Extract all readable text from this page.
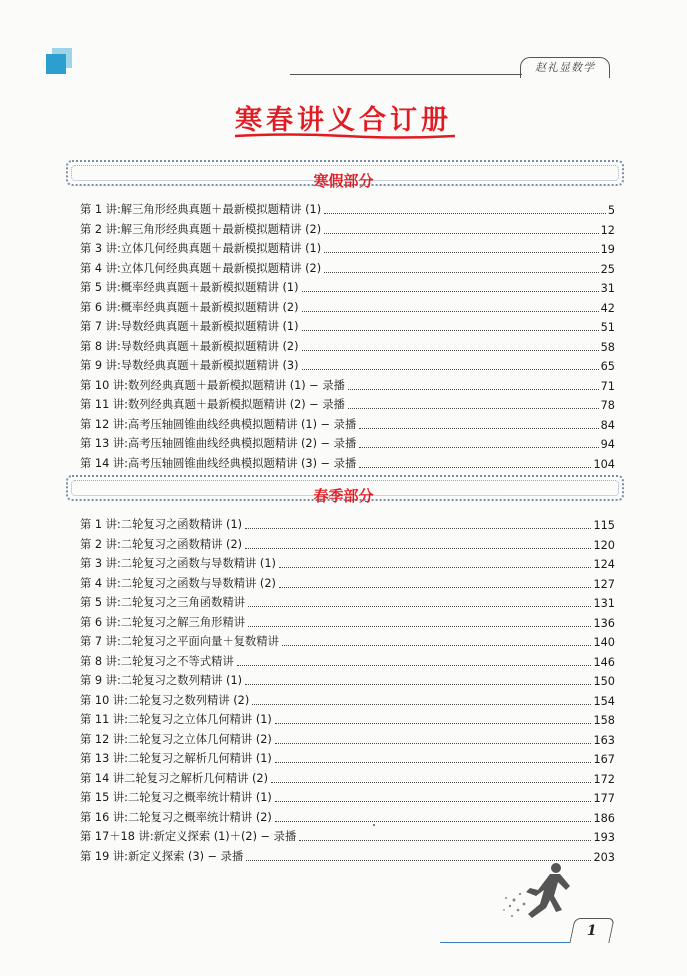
赵礼显数学
寒春讲义合订册
寒假部分
第 1 讲:解三角形经典真题＋最新模拟题精讲 (1)	5
第 2 讲:解三角形经典真题＋最新模拟题精讲 (2)	12
第 3 讲:立体几何经典真题＋最新模拟题精讲 (1)	19
第 4 讲:立体几何经典真题＋最新模拟题精讲 (2)	25
第 5 讲:概率经典真题＋最新模拟题精讲 (1)	31
第 6 讲:概率经典真题＋最新模拟题精讲 (2)	42
第 7 讲:导数经典真题＋最新模拟题精讲 (1)	51
第 8 讲:导数经典真题＋最新模拟题精讲 (2)	58
第 9 讲:导数经典真题＋最新模拟题精讲 (3)	65
第 10 讲:数列经典真题＋最新模拟题精讲 (1) − 录播	71
第 11 讲:数列经典真题＋最新模拟题精讲 (2) − 录播	78
第 12 讲:高考压轴圆锥曲线经典模拟题精讲 (1) − 录播	84
第 13 讲:高考压轴圆锥曲线经典模拟题精讲 (2) − 录播	94
第 14 讲:高考压轴圆锥曲线经典模拟题精讲 (3) − 录播	104
春季部分
第 1 讲:二轮复习之函数精讲 (1)	115
第 2 讲:二轮复习之函数精讲 (2)	120
第 3 讲:二轮复习之函数与导数精讲 (1)	124
第 4 讲:二轮复习之函数与导数精讲 (2)	127
第 5 讲:二轮复习之三角函数精讲	131
第 6 讲:二轮复习之解三角形精讲	136
第 7 讲:二轮复习之平面向量＋复数精讲	140
第 8 讲:二轮复习之不等式精讲	146
第 9 讲:二轮复习之数列精讲 (1)	150
第 10 讲:二轮复习之数列精讲 (2)	154
第 11 讲:二轮复习之立体几何精讲 (1)	158
第 12 讲:二轮复习之立体几何精讲 (2)	163
第 13 讲:二轮复习之解析几何精讲 (1)	167
第 14 讲二轮复习之解析几何精讲 (2)	172
第 15 讲:二轮复习之概率统计精讲 (1)	177
第 16 讲:二轮复习之概率统计精讲 (2)	186
第 17＋18 讲:新定义探索 (1)＋(2) − 录播	193
第 19 讲:新定义探索 (3) − 录播	203
1
